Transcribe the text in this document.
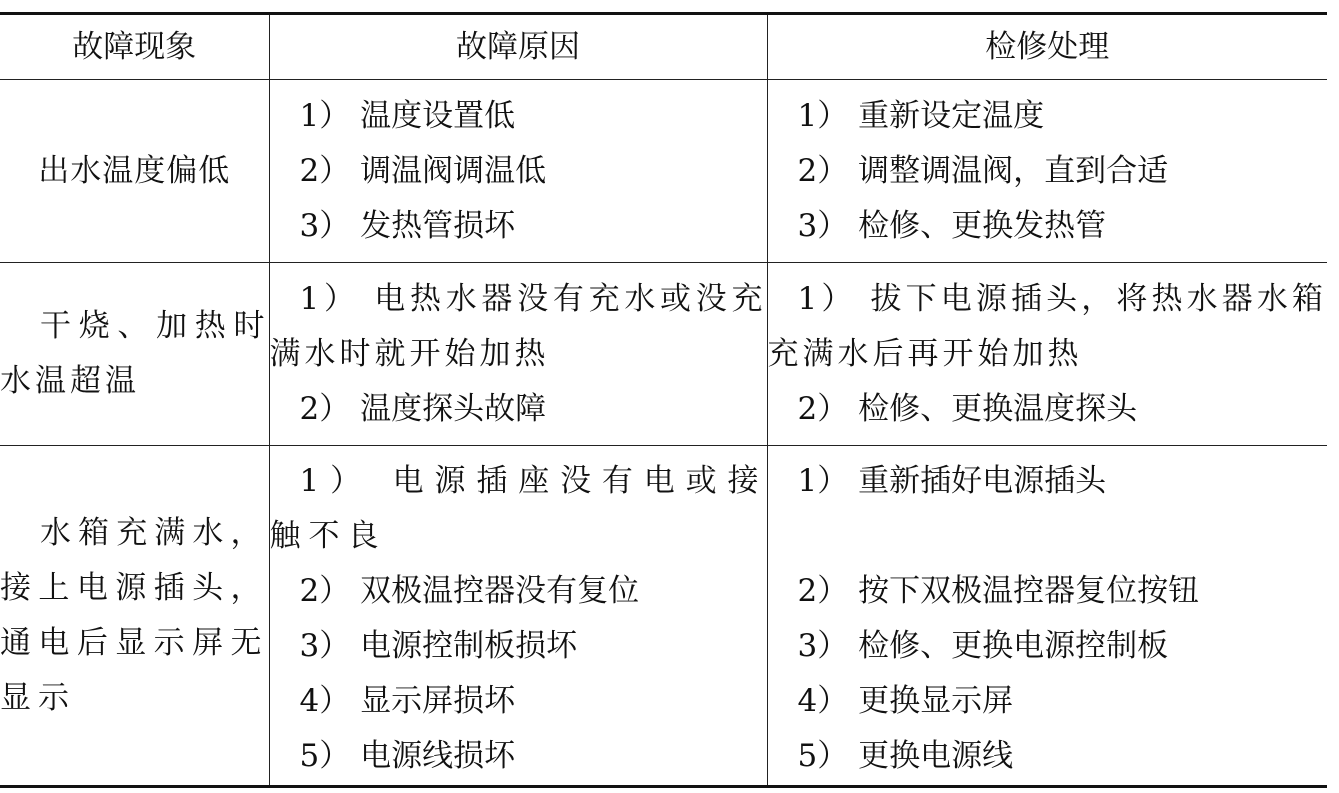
故障现象	故障原因	检修处理
出水温度偏低	1） 温度设置低
2） 调温阀调温低
3） 发热管损坏	1） 重新设定温度
2） 调整调温阀，直到合适
3） 检修、更换发热管

干烧、加热时水温超温	1） 电热水器没有充水或没充满水时就开始加热
2） 温度探头故障	1） 拔下电源插头，将热水器水箱充满水后再开始加热
2） 检修、更换温度探头

水箱充满水，接上电源插头，通电后显示屏无显示	1） 电源插座没有电或接触不良
2） 双极温控器没有复位
3） 电源控制板损坏
4） 显示屏损坏
5） 电源线损坏	1） 重新插好电源插头
2） 按下双极温控器复位按钮
3） 检修、更换电源控制板
4） 更换显示屏
5） 更换电源线
